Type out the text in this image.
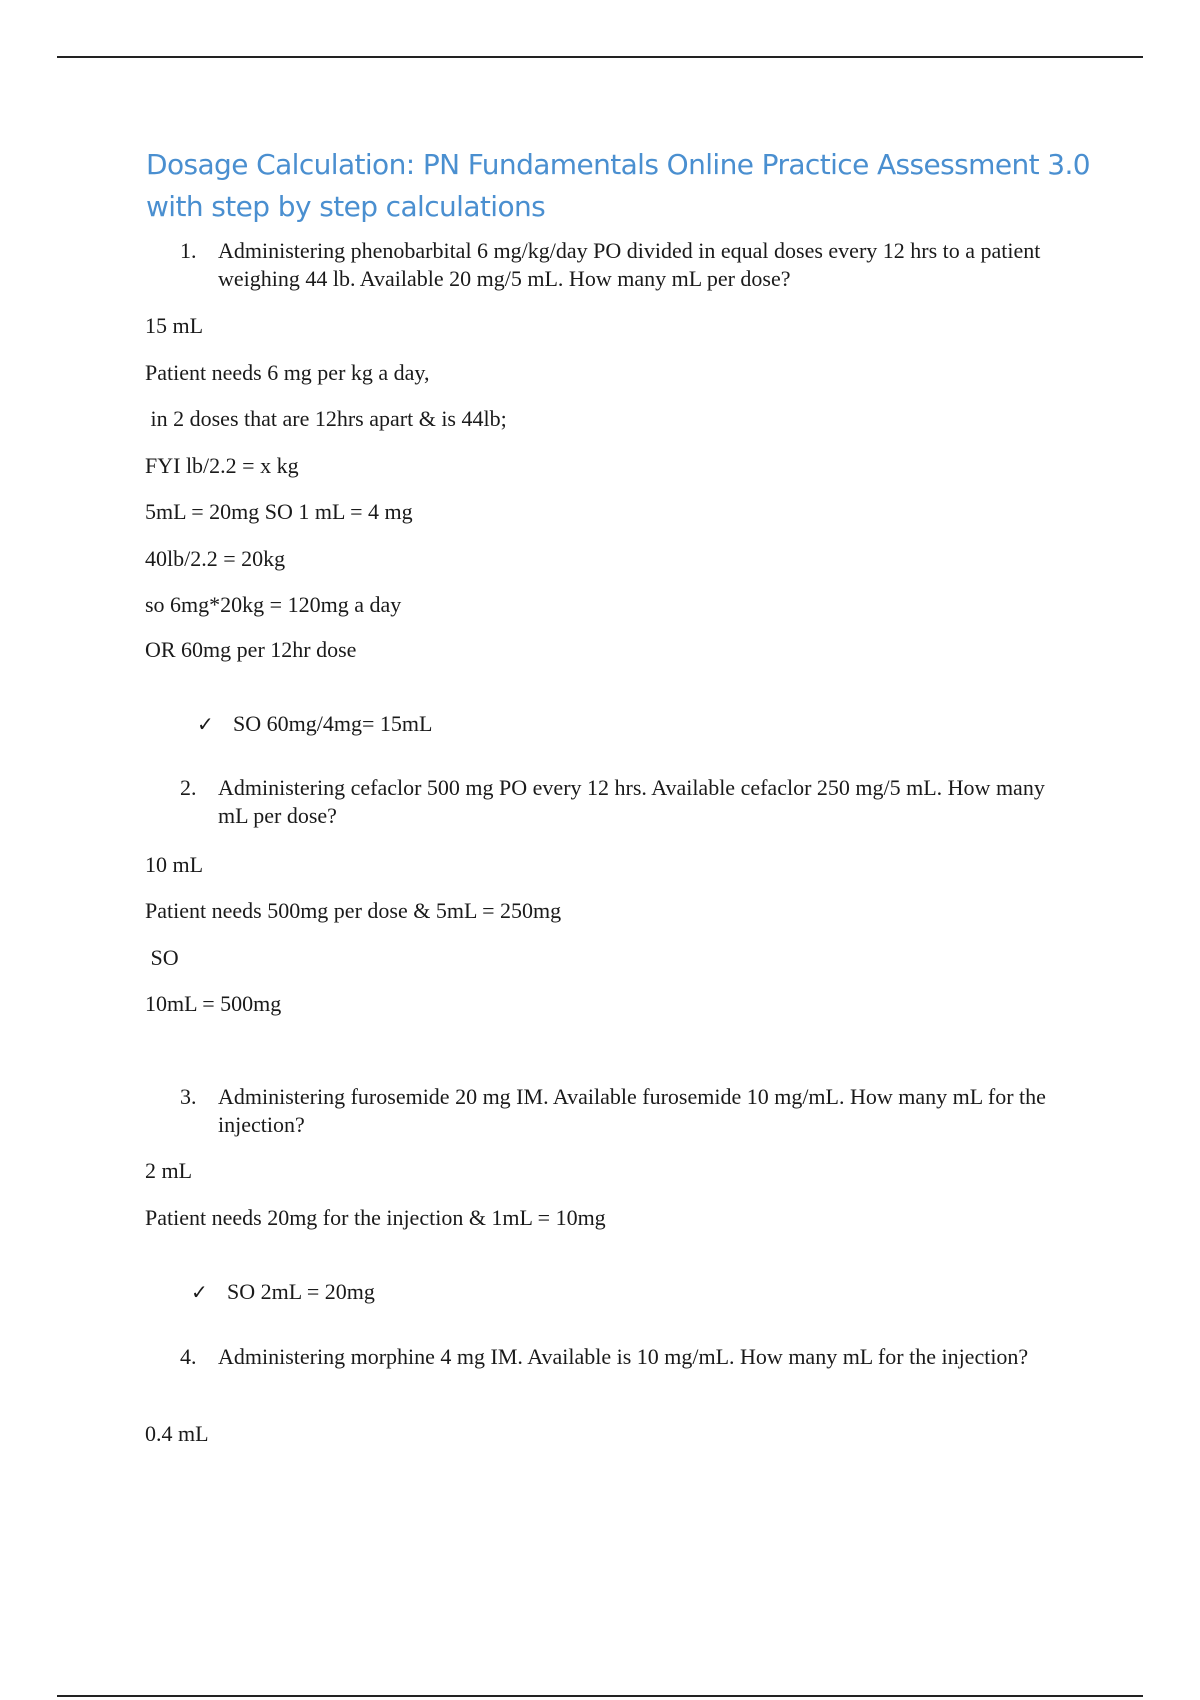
Dosage Calculation: PN Fundamentals Online Practice Assessment 3.0 with step by step calculations
1. Administering phenobarbital 6 mg/kg/day PO divided in equal doses every 12 hrs to a patient weighing 44 lb. Available 20 mg/5 mL. How many mL per dose?
15 mL
Patient needs 6 mg per kg a day,
in 2 doses that are 12hrs apart & is 44lb;
FYI lb/2.2 = x kg
5mL = 20mg SO 1 mL = 4 mg
40lb/2.2 = 20kg
so 6mg*20kg = 120mg a day
OR 60mg per 12hr dose

✓ SO 60mg/4mg= 15mL

2. Administering cefaclor 500 mg PO every 12 hrs. Available cefaclor 250 mg/5 mL. How many mL per dose?
10 mL
Patient needs 500mg per dose & 5mL = 250mg
SO
10mL = 500mg
3. Administering furosemide 20 mg IM. Available furosemide 10 mg/mL. How many mL for the injection?
2 mL
Patient needs 20mg for the injection & 1mL = 10mg

✓ SO 2mL = 20mg

4. Administering morphine 4 mg IM. Available is 10 mg/mL. How many mL for the injection?
0.4 mL
